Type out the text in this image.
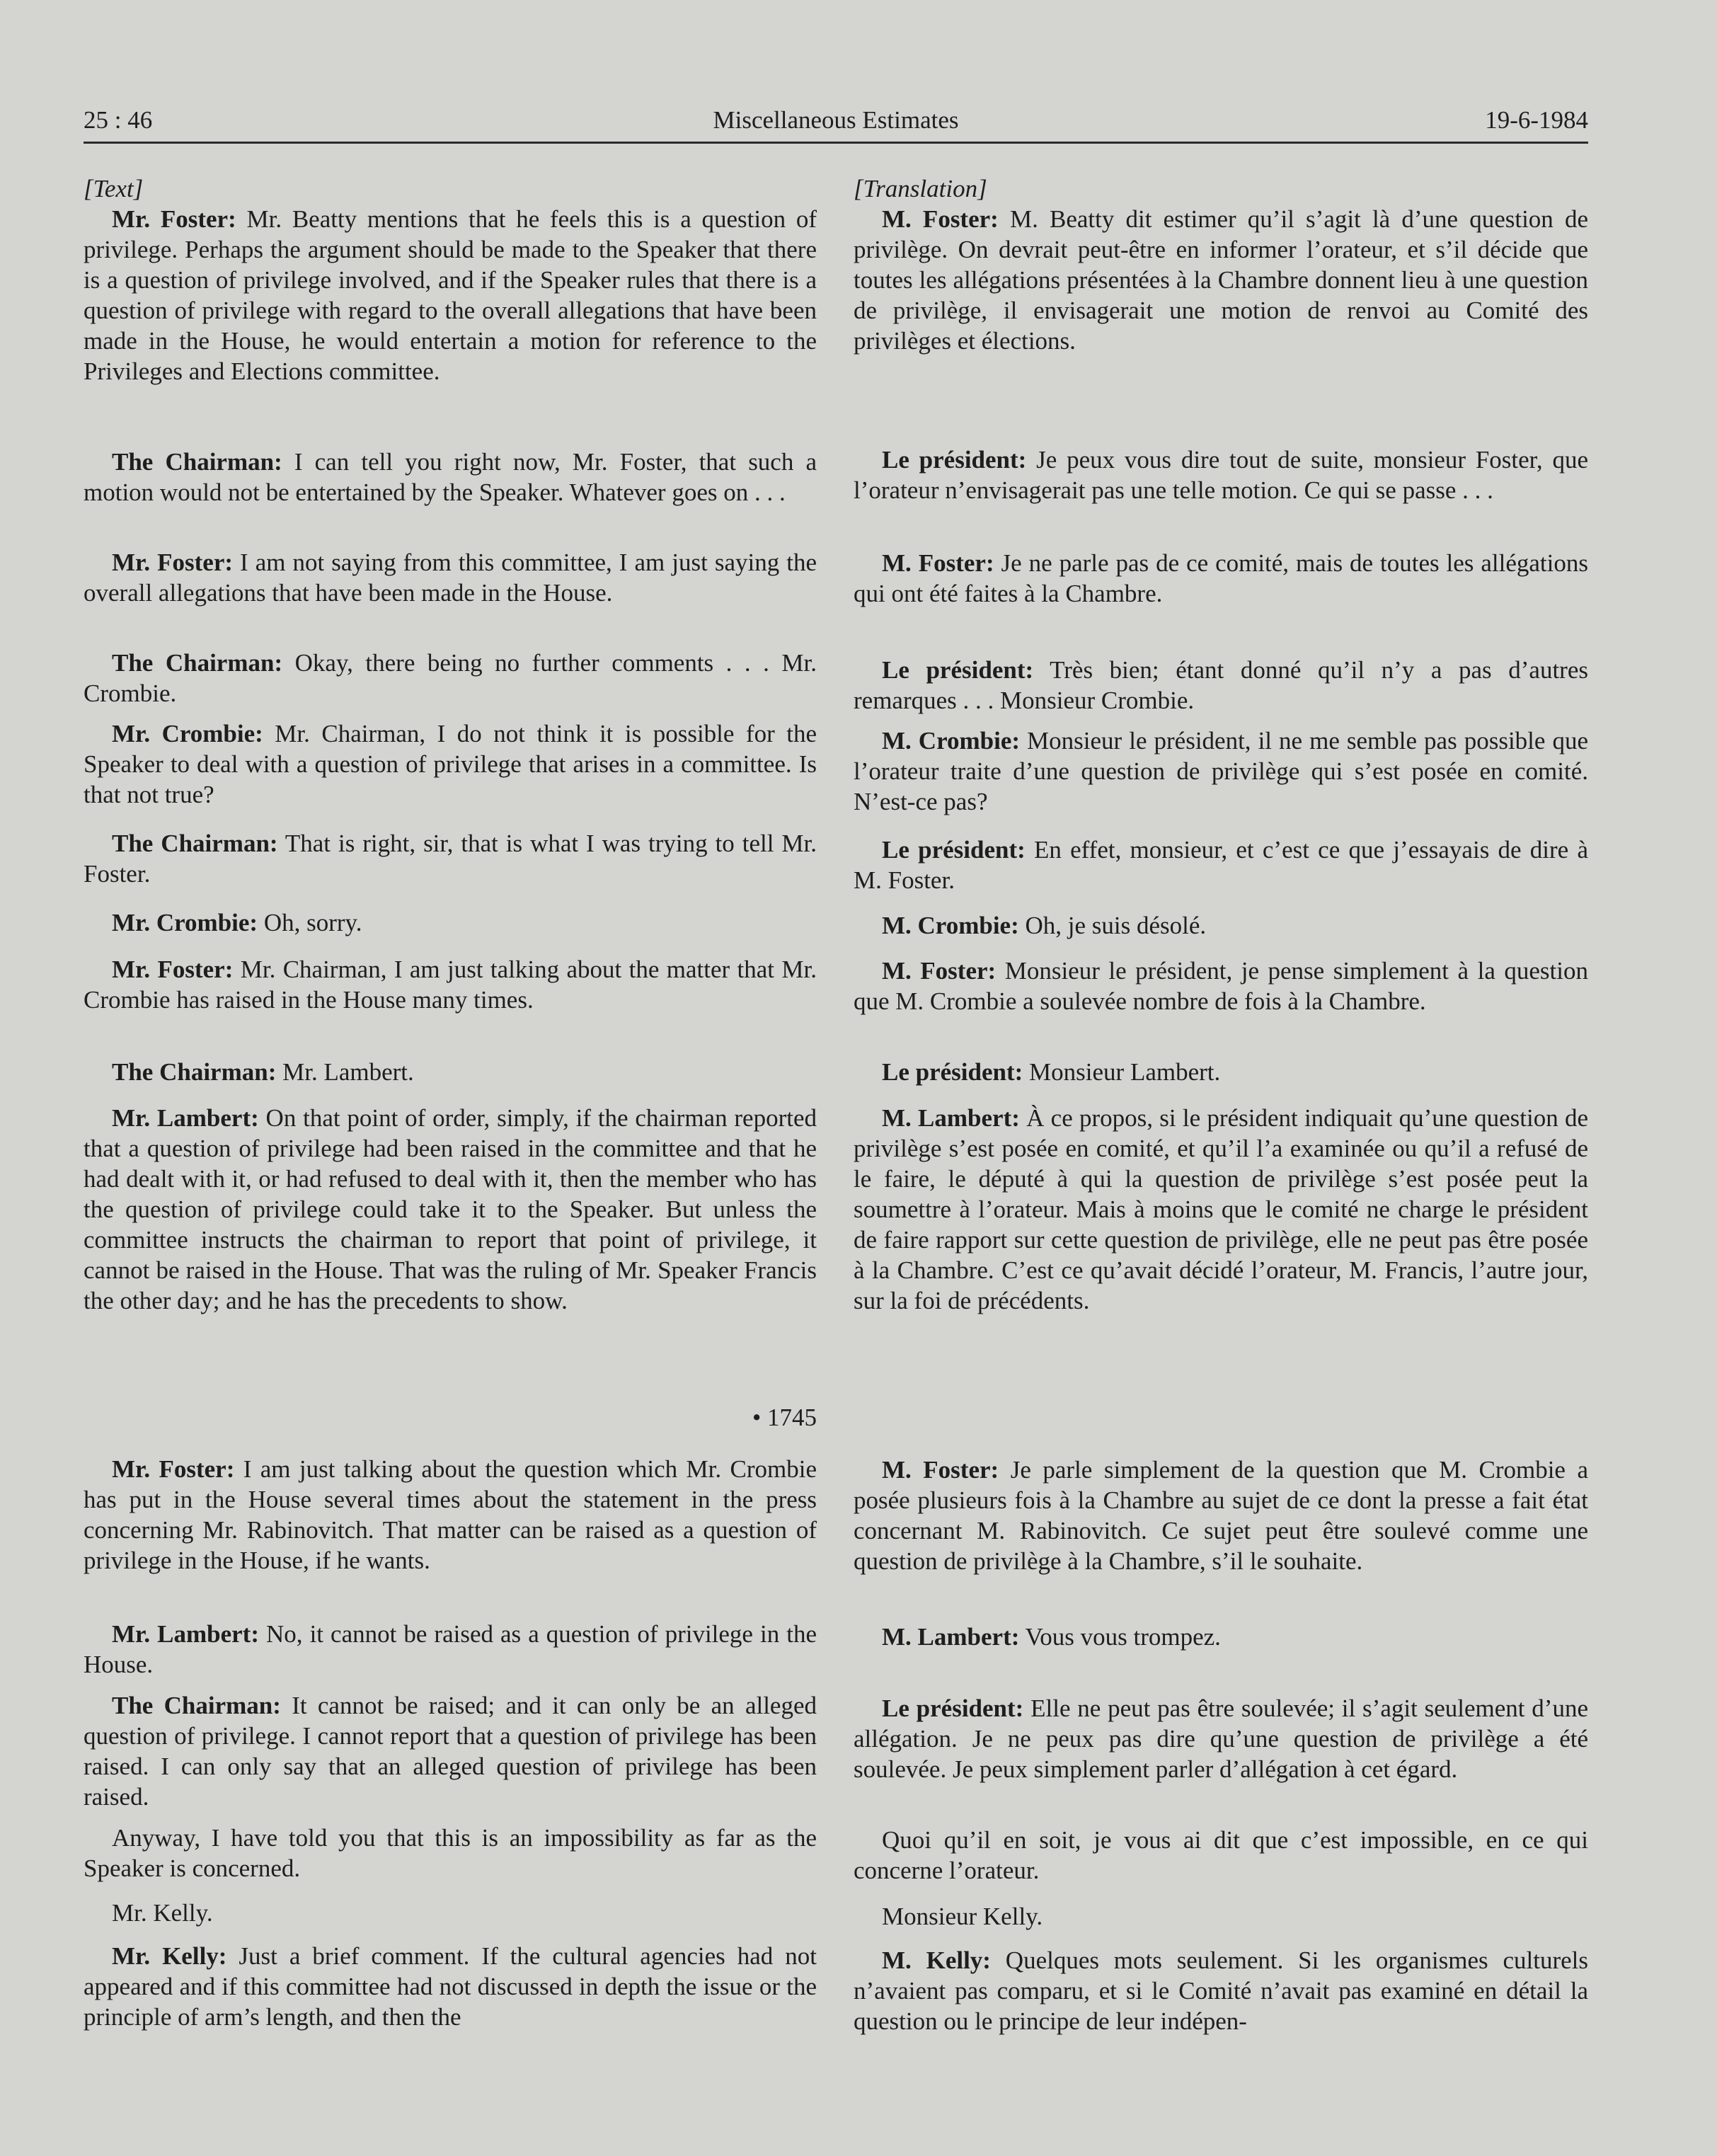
25 : 46	Miscellaneous Estimates	19-6-1984

[Text]

Mr. Foster: Mr. Beatty mentions that he feels this is a question of privilege. Perhaps the argument should be made to the Speaker that there is a question of privilege involved, and if the Speaker rules that there is a question of privilege with regard to the overall allegations that have been made in the House, he would entertain a motion for reference to the Privileges and Elections committee.

The Chairman: I can tell you right now, Mr. Foster, that such a motion would not be entertained by the Speaker. Whatever goes on . . .

Mr. Foster: I am not saying from this committee, I am just saying the overall allegations that have been made in the House.

The Chairman: Okay, there being no further comments . . . Mr. Crombie.

Mr. Crombie: Mr. Chairman, I do not think it is possible for the Speaker to deal with a question of privilege that arises in a committee. Is that not true?

The Chairman: That is right, sir, that is what I was trying to tell Mr. Foster.

Mr. Crombie: Oh, sorry.

Mr. Foster: Mr. Chairman, I am just talking about the matter that Mr. Crombie has raised in the House many times.

The Chairman: Mr. Lambert.

Mr. Lambert: On that point of order, simply, if the chairman reported that a question of privilege had been raised in the committee and that he had dealt with it, or had refused to deal with it, then the member who has the question of privilege could take it to the Speaker. But unless the committee instructs the chairman to report that point of privilege, it cannot be raised in the House. That was the ruling of Mr. Speaker Francis the other day; and he has the precedents to show.

• 1745

Mr. Foster: I am just talking about the question which Mr. Crombie has put in the House several times about the statement in the press concerning Mr. Rabinovitch. That matter can be raised as a question of privilege in the House, if he wants.

Mr. Lambert: No, it cannot be raised as a question of privilege in the House.

The Chairman: It cannot be raised; and it can only be an alleged question of privilege. I cannot report that a question of privilege has been raised. I can only say that an alleged question of privilege has been raised.

Anyway, I have told you that this is an impossibility as far as the Speaker is concerned.

Mr. Kelly.

Mr. Kelly: Just a brief comment. If the cultural agencies had not appeared and if this committee had not discussed in depth the issue or the principle of arm’s length, and then the

[Translation]

M. Foster: M. Beatty dit estimer qu’il s’agit là d’une question de privilège. On devrait peut-être en informer l’orateur, et s’il décide que toutes les allégations présentées à la Chambre donnent lieu à une question de privilège, il envisagerait une motion de renvoi au Comité des privilèges et élections.

Le président: Je peux vous dire tout de suite, monsieur Foster, que l’orateur n’envisagerait pas une telle motion. Ce qui se passe . . .

M. Foster: Je ne parle pas de ce comité, mais de toutes les allégations qui ont été faites à la Chambre.

Le président: Très bien; étant donné qu’il n’y a pas d’autres remarques . . . Monsieur Crombie.

M. Crombie: Monsieur le président, il ne me semble pas possible que l’orateur traite d’une question de privilège qui s’est posée en comité. N’est-ce pas?

Le président: En effet, monsieur, et c’est ce que j’essayais de dire à M. Foster.

M. Crombie: Oh, je suis désolé.

M. Foster: Monsieur le président, je pense simplement à la question que M. Crombie a soulevée nombre de fois à la Chambre.

Le président: Monsieur Lambert.

M. Lambert: À ce propos, si le président indiquait qu’une question de privilège s’est posée en comité, et qu’il l’a examinée ou qu’il a refusé de le faire, le député à qui la question de privilège s’est posée peut la soumettre à l’orateur. Mais à moins que le comité ne charge le président de faire rapport sur cette question de privilège, elle ne peut pas être posée à la Chambre. C’est ce qu’avait décidé l’orateur, M. Francis, l’autre jour, sur la foi de précédents.

M. Foster: Je parle simplement de la question que M. Crombie a posée plusieurs fois à la Chambre au sujet de ce dont la presse a fait état concernant M. Rabinovitch. Ce sujet peut être soulevé comme une question de privilège à la Chambre, s’il le souhaite.

M. Lambert: Vous vous trompez.

Le président: Elle ne peut pas être soulevée; il s’agit seulement d’une allégation. Je ne peux pas dire qu’une question de privilège a été soulevée. Je peux simplement parler d’allégation à cet égard.

Quoi qu’il en soit, je vous ai dit que c’est impossible, en ce qui concerne l’orateur.

Monsieur Kelly.

M. Kelly: Quelques mots seulement. Si les organismes culturels n’avaient pas comparu, et si le Comité n’avait pas examiné en détail la question ou le principe de leur indépen-
